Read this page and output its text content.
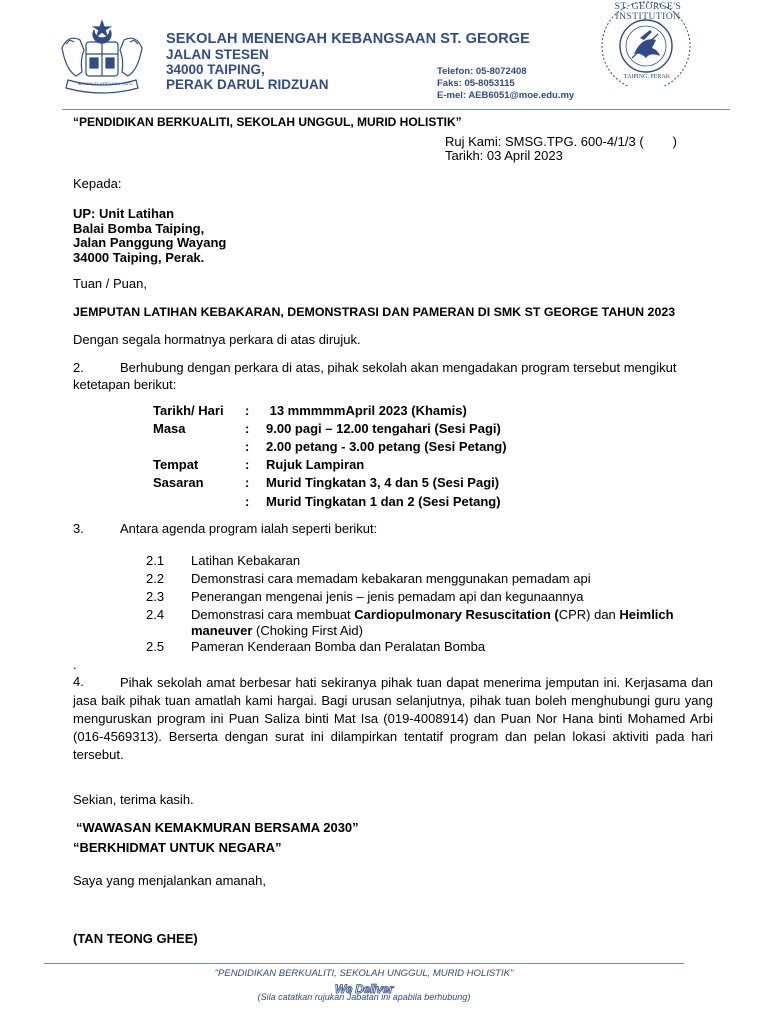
BERSEKUTU BERTAMBAH MUTU
SEKOLAH MENENGAH KEBANGSAAN ST. GEORGE
JALAN STESEN
34000 TAIPING,
PERAK DARUL RIDZUAN
Telefon: 05-8072408
Faks: 05-8053115
E-mel: AEB6051@moe.edu.my
ST. GEORGE'S INSTITUTION
TAIPING, PERAK
“PENDIDIKAN BERKUALITI, SEKOLAH UNGGUL, MURID HOLISTIK”
Ruj Kami: SMSG.TPG. 600-4/1/3 (        )
Tarikh: 03 April 2023
Kepada:
UP: Unit Latihan
Balai Bomba Taiping,
Jalan Panggung Wayang
34000 Taiping, Perak.
Tuan / Puan,
JEMPUTAN LATIHAN KEBAKARAN, DEMONSTRASI DAN PAMERAN DI SMK ST GEORGE TAHUN 2023
Dengan segala hormatnya perkara di atas dirujuk.
2.	Berhubung dengan perkara di atas, pihak sekolah akan mengadakan program tersebut mengikut
ketetapan berikut:
Tarikh/ Hari : 13 mmmmmApril 2023 (Khamis)
Masa	: 9.00 pagi – 12.00 tengahari (Sesi Pagi)
: 2.00 petang - 3.00 petang (Sesi Petang)
Tempat	: Rujuk Lampiran
Sasaran	: Murid Tingkatan 3, 4 dan 5 (Sesi Pagi)
: Murid Tingkatan 1 dan 2 (Sesi Petang)
3.	Antara agenda program ialah seperti berikut:
2.1 Latihan Kebakaran
2.2 Demonstrasi cara memadam kebakaran menggunakan pemadam api
2.3 Penerangan mengenai jenis – jenis pemadam api dan kegunaannya
2.4 Demonstrasi cara membuat Cardiopulmonary Resuscitation (CPR) dan Heimlich
maneuver (Choking First Aid)
2.5 Pameran Kenderaan Bomba dan Peralatan Bomba
.
4.	Pihak sekolah amat berbesar hati sekiranya pihak tuan dapat menerima jemputan ini. Kerjasama dan
jasa baik pihak tuan amatlah kami hargai. Bagi urusan selanjutnya, pihak tuan boleh menghubungi guru yang
menguruskan program ini Puan Saliza binti Mat Isa (019-4008914) dan Puan Nor Hana binti Mohamed Arbi
(016-4569313). Berserta dengan surat ini dilampirkan tentatif program dan pelan lokasi aktiviti pada hari
tersebut.
Sekian, terima kasih.
“WAWASAN KEMAKMURAN BERSAMA 2030”
“BERKHIDMAT UNTUK NEGARA”
Saya yang menjalankan amanah,
(TAN TEONG GHEE)
"PENDIDIKAN BERKUALITI, SEKOLAH UNGGUL, MURID HOLISTIK"
We Deliver
(Sila catatkan rujukan Jabatan ini apabila berhubung)
